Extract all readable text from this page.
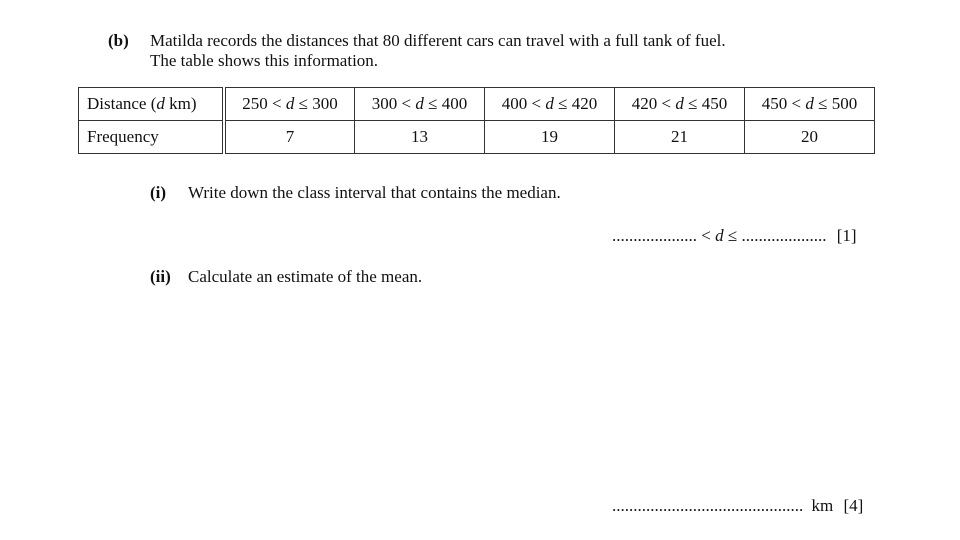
(b) Matilda records the distances that 80 different cars can travel with a full tank of fuel.
The table shows this information.
Distance (d km)	250 < d ≤ 300	300 < d ≤ 400	400 < d ≤ 420	420 < d ≤ 450	450 < d ≤ 500
Frequency	7	13	19	21	20
(i) Write down the class interval that contains the median.
.................... < d ≤ .................... [1]
(ii) Calculate an estimate of the mean.
............................................. km [4]
